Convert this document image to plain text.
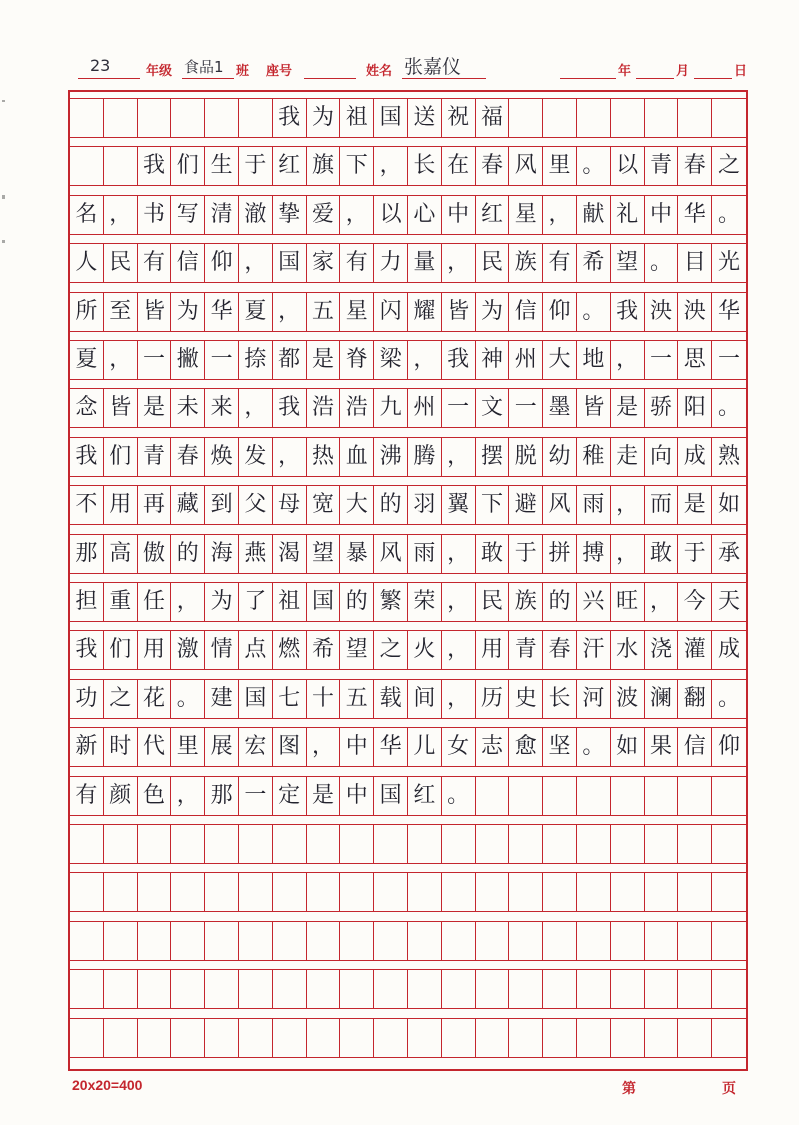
23	年级 食品1 班 座号	姓名 张嘉仪	年	月	日
我 为 祖 国 送 祝 福
我 们 生 于 红 旗 下 ， 长 在 春 风 里 。 以 青 春 之
名 ， 书 写 清 澈 挚 爱 ， 以 心 中 红 星 ， 献 礼 中 华 。
人 民 有 信 仰 ， 国 家 有 力 量 ， 民 族 有 希 望 。 目 光
所 至 皆 为 华 夏 ， 五 星 闪 耀 皆 为 信 仰 。 我 泱 泱 华
夏 ， 一 撇 一 捺 都 是 脊 梁 ， 我 神 州 大 地 ， 一 思 一
念 皆 是 未 来 ， 我 浩 浩 九 州 一 文 一 墨 皆 是 骄 阳 。
我 们 青 春 焕 发 ， 热 血 沸 腾 ， 摆 脱 幼 稚 走 向 成 熟
不 用 再 藏 到 父 母 宽 大 的 羽 翼 下 避 风 雨 ， 而 是 如
那 高 傲 的 海 燕 渴 望 暴 风 雨 ， 敢 于 拼 搏 ， 敢 于 承
担 重 任 ， 为 了 祖 国 的 繁 荣 ， 民 族 的 兴 旺 ， 今 天
我 们 用 激 情 点 燃 希 望 之 火 ， 用 青 春 汗 水 浇 灌 成
功 之 花 。 建 国 七 十 五 载 间 ， 历 史 长 河 波 澜 翻 。
新 时 代 里 展 宏 图 ， 中 华 儿 女 志 愈 坚 。 如 果 信 仰
有 颜 色 ， 那 一 定 是 中 国 红 。
20x20=400	第	页
